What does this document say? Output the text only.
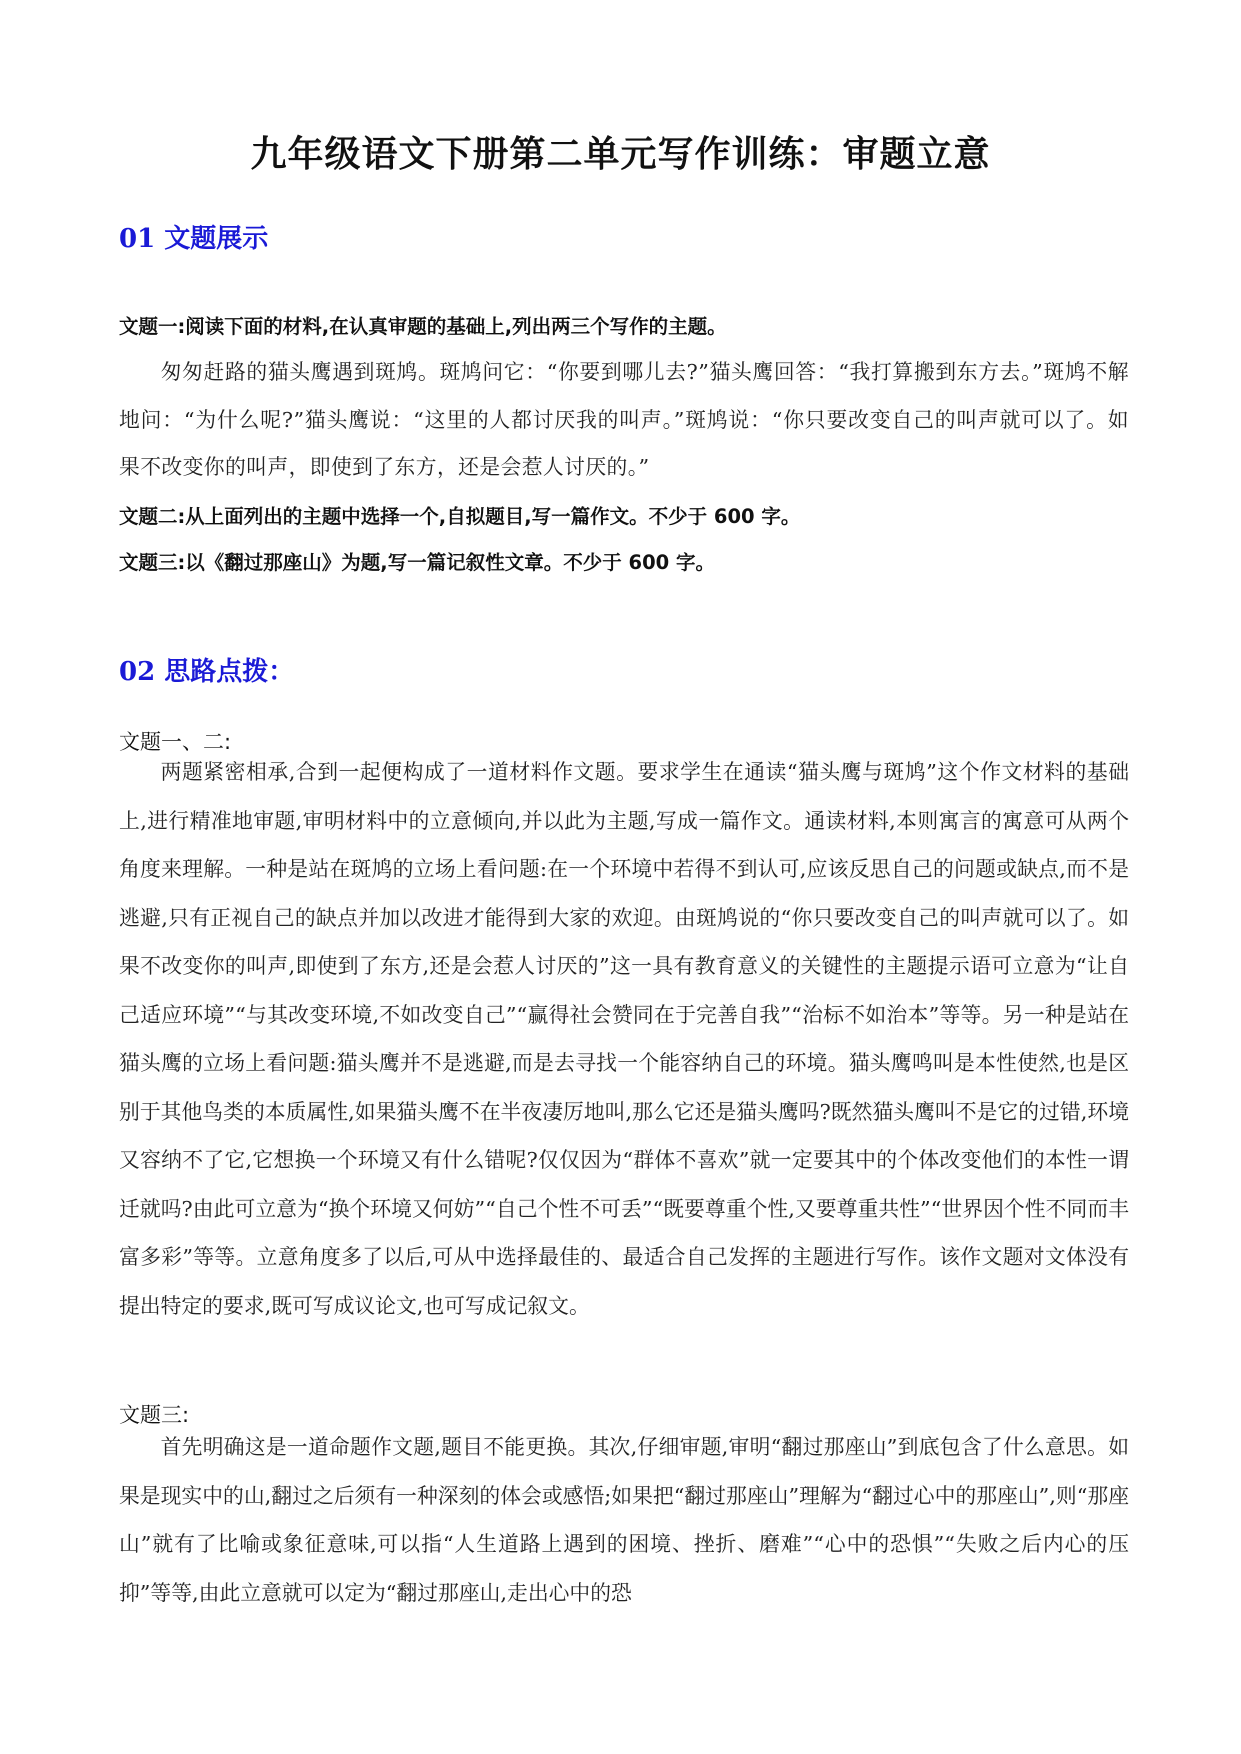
九年级语文下册第二单元写作训练：审题立意
01 文题展示

文题一:阅读下面的材料,在认真审题的基础上,列出两三个写作的主题。

匆匆赶路的猫头鹰遇到斑鸠。斑鸠问它：“你要到哪儿去?”猫头鹰回答：“我打算搬到东方去。”斑鸠不解地问：“为什么呢?”猫头鹰说：“这里的人都讨厌我的叫声。”斑鸠说：“你只要改变自己的叫声就可以了。如果不改变你的叫声，即使到了东方，还是会惹人讨厌的。”

文题二:从上面列出的主题中选择一个,自拟题目,写一篇作文。不少于 600 字。

文题三:以《翻过那座山》为题,写一篇记叙性文章。不少于 600 字。

02 思路点拨：

文题一、二:

两题紧密相承,合到一起便构成了一道材料作文题。要求学生在通读“猫头鹰与斑鸠”这个作文材料的基础上,进行精准地审题,审明材料中的立意倾向,并以此为主题,写成一篇作文。通读材料,本则寓言的寓意可从两个角度来理解。一种是站在斑鸠的立场上看问题:在一个环境中若得不到认可,应该反思自己的问题或缺点,而不是逃避,只有正视自己的缺点并加以改进才能得到大家的欢迎。由斑鸠说的“你只要改变自己的叫声就可以了。如果不改变你的叫声,即使到了东方,还是会惹人讨厌的”这一具有教育意义的关键性的主题提示语可立意为“让自己适应环境”“与其改变环境,不如改变自己”“赢得社会赞同在于完善自我”“治标不如治本”等等。另一种是站在猫头鹰的立场上看问题:猫头鹰并不是逃避,而是去寻找一个能容纳自己的环境。猫头鹰鸣叫是本性使然,也是区别于其他鸟类的本质属性,如果猫头鹰不在半夜凄厉地叫,那么它还是猫头鹰吗?既然猫头鹰叫不是它的过错,环境又容纳不了它,它想换一个环境又有什么错呢?仅仅因为“群体不喜欢”就一定要其中的个体改变他们的本性一谓迁就吗?由此可立意为“换个环境又何妨”“自己个性不可丢”“既要尊重个性,又要尊重共性”“世界因个性不同而丰富多彩”等等。立意角度多了以后,可从中选择最佳的、最适合自己发挥的主题进行写作。该作文题对文体没有提出特定的要求,既可写成议论文,也可写成记叙文。

文题三:

首先明确这是一道命题作文题,题目不能更换。其次,仔细审题,审明“翻过那座山”到底包含了什么意思。如果是现实中的山,翻过之后须有一种深刻的体会或感悟;如果把“翻过那座山”理解为“翻过心中的那座山”,则“那座山”就有了比喻或象征意味,可以指“人生道路上遇到的困境、挫折、磨难”“心中的恐惧”“失败之后内心的压抑”等等,由此立意就可以定为“翻过那座山,走出心中的恐
